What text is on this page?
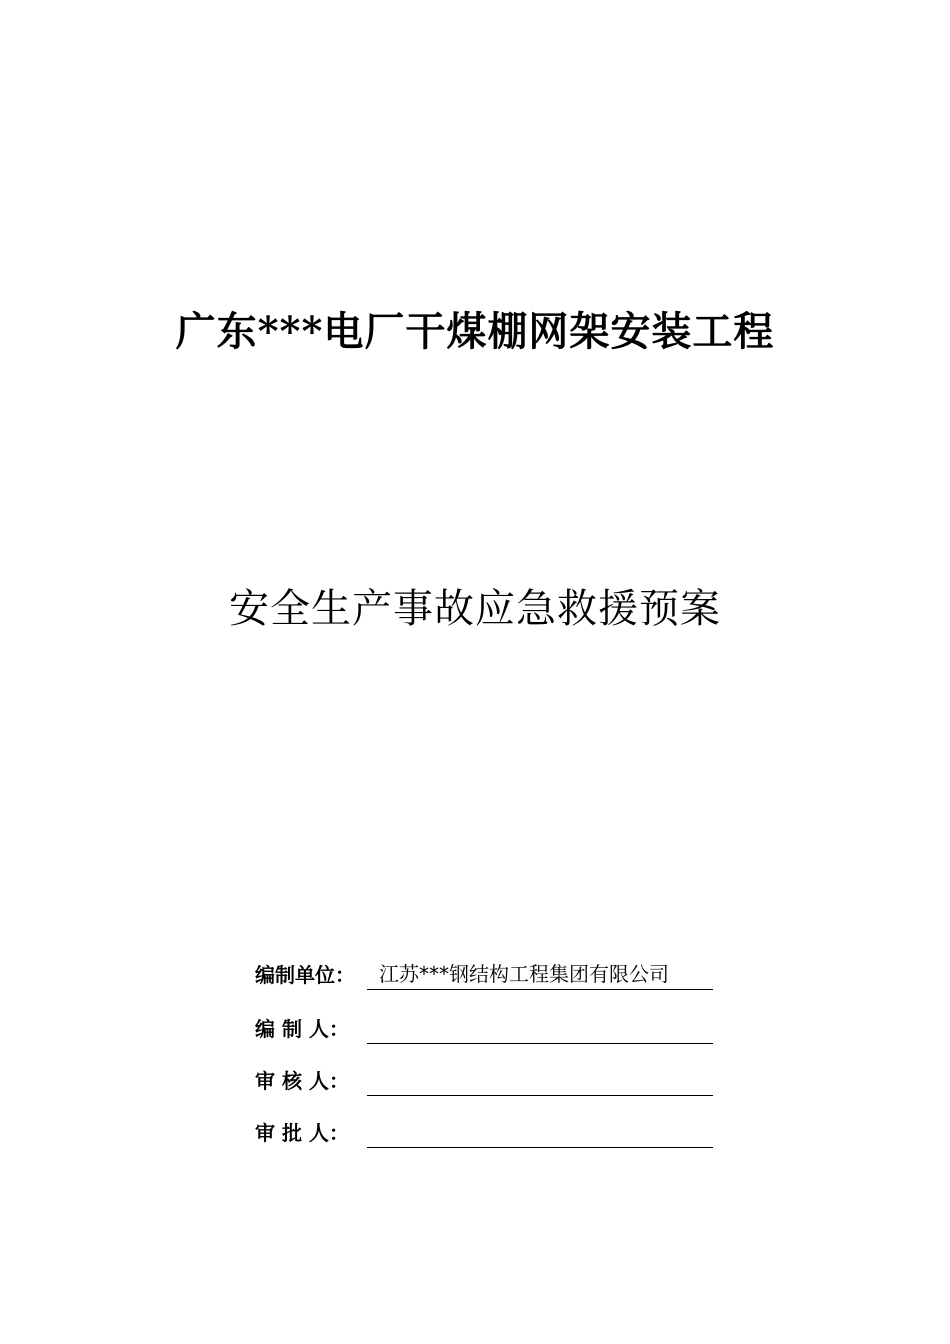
广东***电厂干煤棚网架安装工程
安全生产事故应急救援预案
编制单位： 江苏***钢结构工程集团有限公司
编 制 人：
审 核 人：
审 批 人：
